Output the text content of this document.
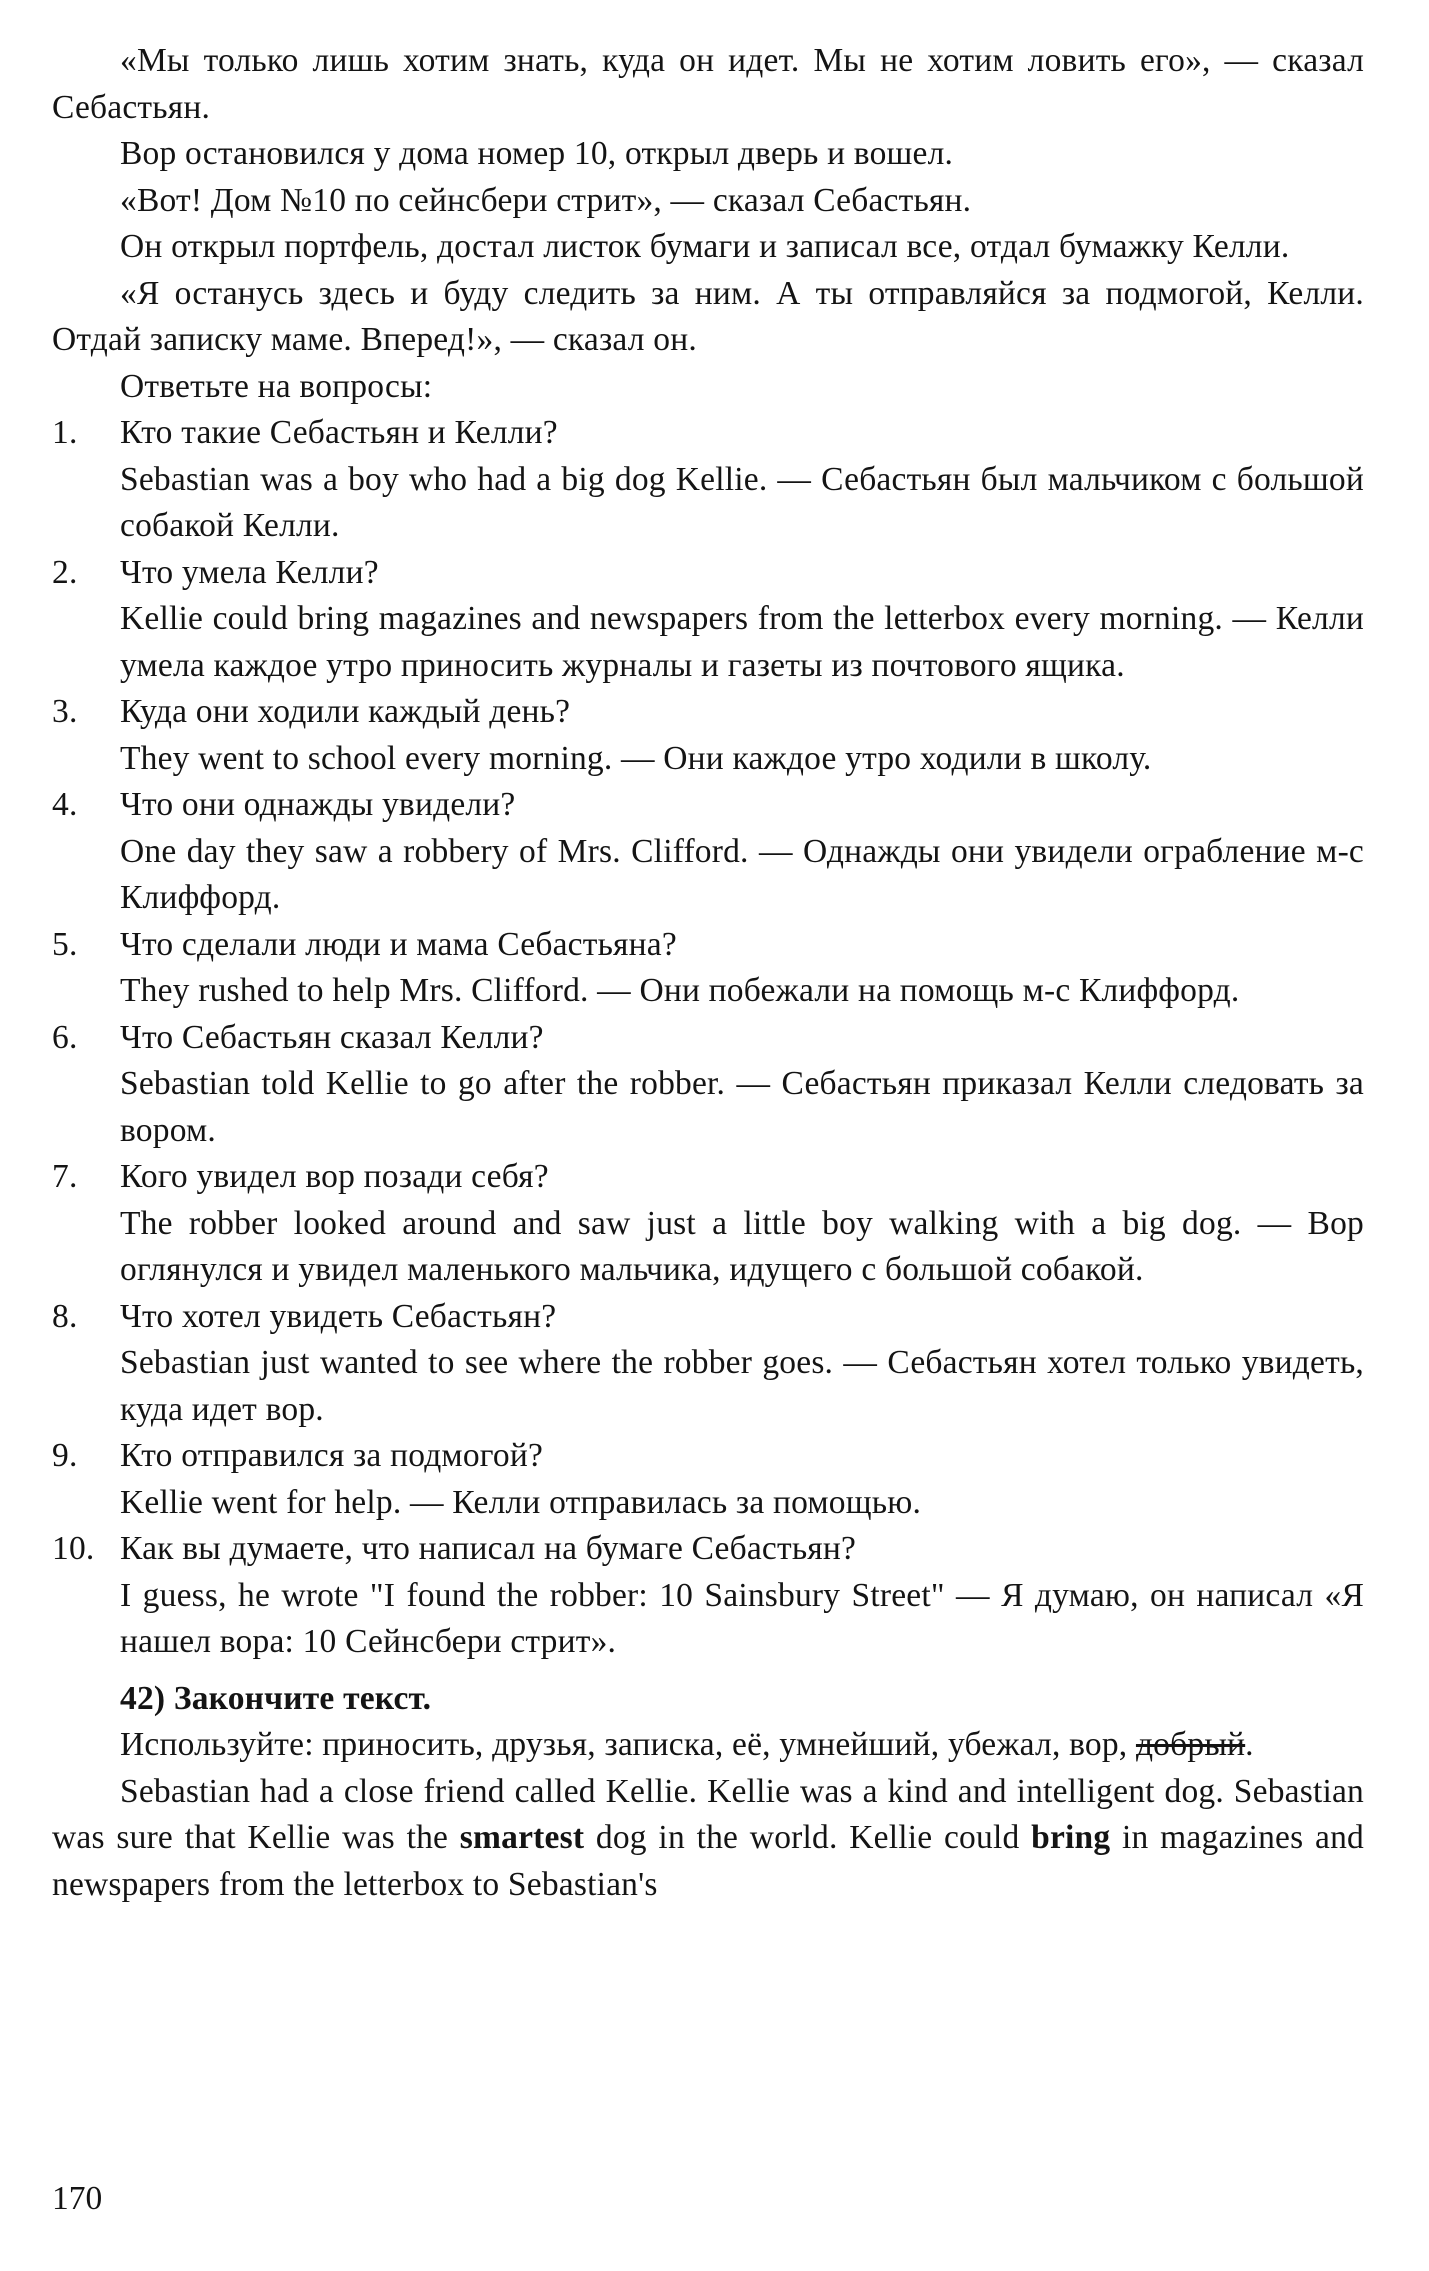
«Мы только лишь хотим знать, куда он идет. Мы не хотим ловить его», — сказал Себастьян.

Вор остановился у дома номер 10, открыл дверь и вошел.

«Вот! Дом №10 по сейнсбери стрит», — сказал Себастьян.

Он открыл портфель, достал листок бумаги и записал все, отдал бумажку Келли.

«Я останусь здесь и буду следить за ним. А ты отправляйся за подмогой, Келли. Отдай записку маме. Вперед!», — сказал он.

Ответьте на вопросы:

1.	Кто такие Себастьян и Келли?

Sebastian was a boy who had a big dog Kellie. — Себастьян был мальчиком с большой собакой Келли.

2.	Что умела Келли?

Kellie could bring magazines and newspapers from the letterbox every morning. — Келли умела каждое утро приносить журналы и газеты из почтового ящика.

3.	Куда они ходили каждый день?

They went to school every morning. — Они каждое утро ходили в школу.

4.	Что они однажды увидели?

One day they saw a robbery of Mrs. Clifford. — Однажды они увидели ограбление м-с Клиффорд.

5.	Что сделали люди и мама Себастьяна?

They rushed to help Mrs. Clifford. — Они побежали на помощь м-с Клиффорд.

6.	Что Себастьян сказал Келли?

Sebastian told Kellie to go after the robber. — Себастьян приказал Келли следовать за вором.

7.	Кого увидел вор позади себя?

The robber looked around and saw just a little boy walking with a big dog. — Вор оглянулся и увидел маленького мальчика, идущего с большой собакой.

8.	Что хотел увидеть Себастьян?

Sebastian just wanted to see where the robber goes. — Себастьян хотел только увидеть, куда идет вор.

9.	Кто отправился за подмогой?

Kellie went for help. — Келли отправилась за помощью.

10. Как вы думаете, что написал на бумаге Себастьян?

I guess, he wrote "I found the robber: 10 Sainsbury Street" — Я думаю, он написал «Я нашел вора: 10 Сейнсбери стрит».

42) Закончите текст.

Используйте: приносить, друзья, записка, её, умнейший, убежал, вор, добрый.

Sebastian had a close friend called Kellie. Kellie was a kind and intelligent dog. Sebastian was sure that Kellie was the smartest dog in the world. Kellie could bring in magazines and newspapers from the letterbox to Sebastian's

170
